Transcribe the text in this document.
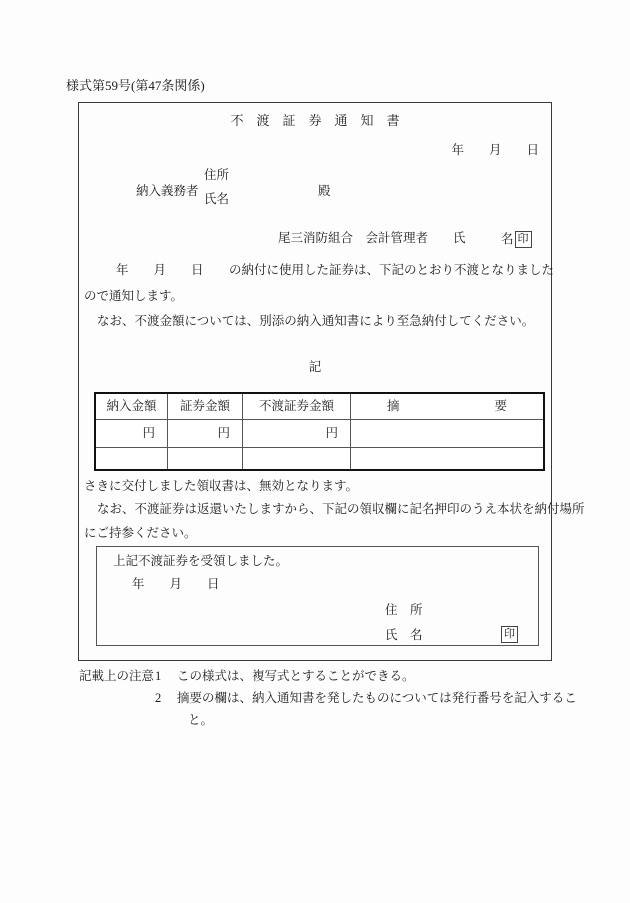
様式第59号(第47条関係)
不　渡　証　券　通　知　書
年　　月　　日
納入義務者
住所
氏名
殿
尾三消防組合　会計管理者　　氏	名 印
年　　月　　日 の納付に使用した証券は、下記のとおり不渡となりました
ので通知します。
なお、不渡金額については、別添の納入通知書により至急納付してください。
記
納入金額	証券金額	不渡証券金額	摘	要
円	円	円
さきに交付しました領収書は、無効となります。
なお、不渡証券は返還いたしますから、下記の領収欄に記名押印のうえ本状を納付場所
にご持参ください。
上記不渡証券を受領しました。
年　　月　　日
住　所
氏　名	印
記載上の注意 1 この様式は、複写式とすることができる。
2 摘要の欄は、納入通知書を発したものについては発行番号を記入するこ
と。
